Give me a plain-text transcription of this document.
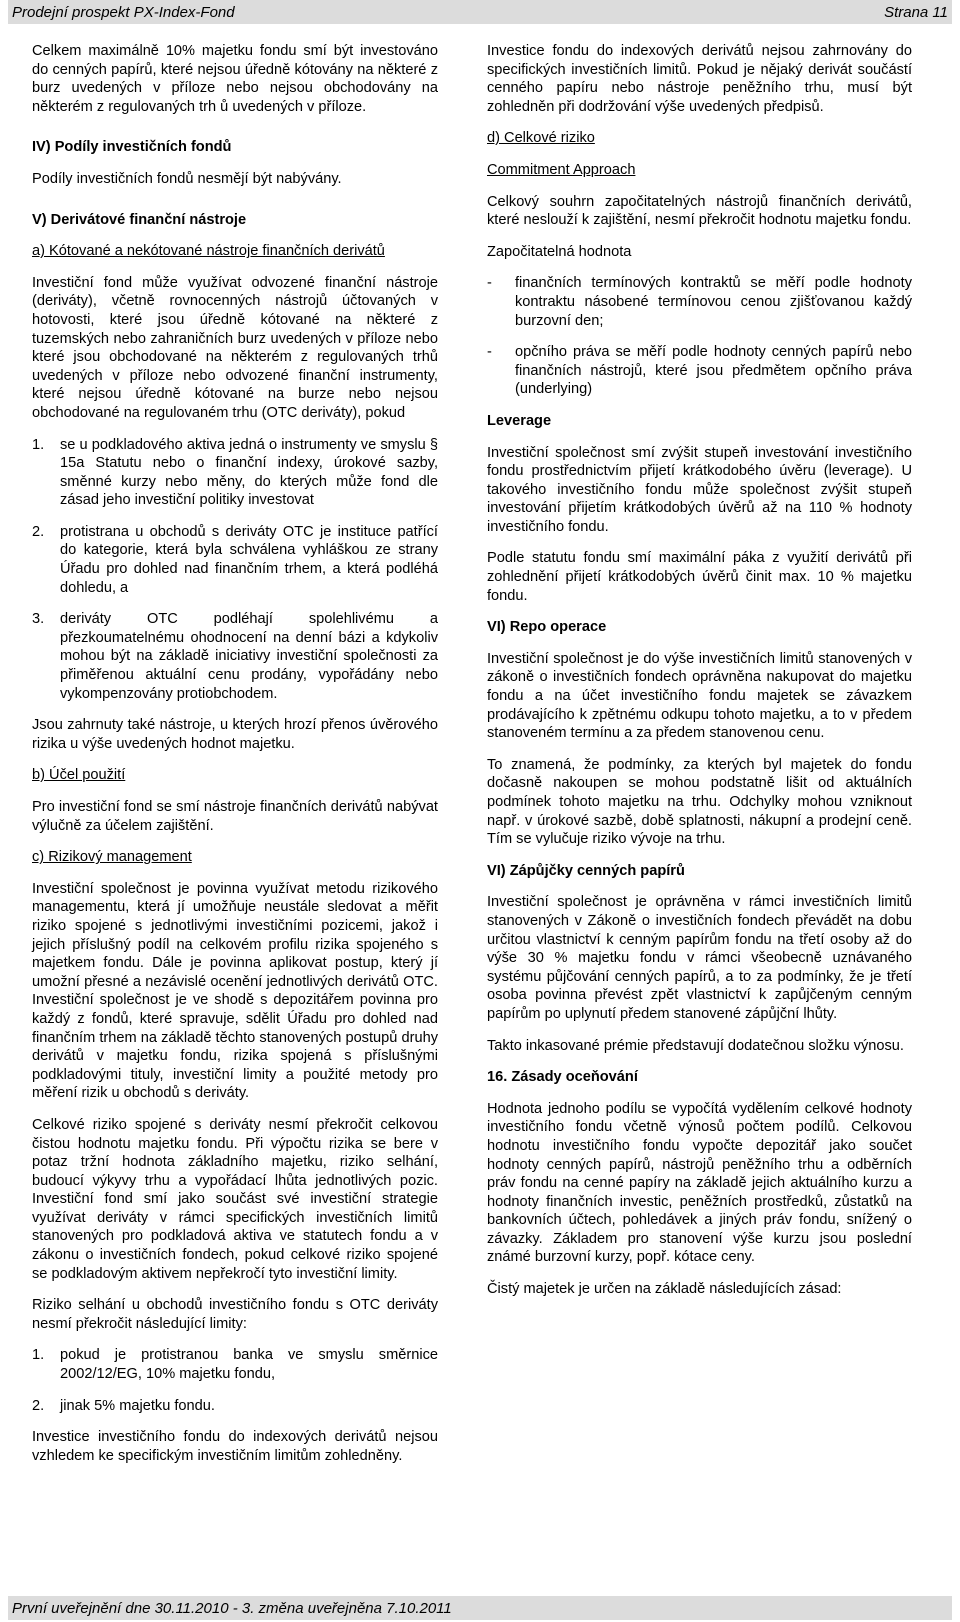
Prodejní prospekt PX-Index-Fond	Strana 11

Celkem maximálně 10% majetku fondu smí být investováno do cenných papírů, které nejsou úředně kótovány na některé z burz uvedených v příloze nebo nejsou obchodovány na některém z regulovaných trh ů uvedených v příloze.

IV) Podíly investičních fondů

Podíly investičních fondů nesmějí být nabývány.

V) Derivátové finanční nástroje

a) Kótované a nekótované nástroje finančních derivátů

Investiční fond může využívat odvozené finanční nástroje (deriváty), včetně rovnocenných nástrojů účtovaných v hotovosti, které jsou úředně kótované na některé z tuzemských nebo zahraničních burz uvedených v příloze nebo které jsou obchodované na některém z regulovaných trhů uvedených v příloze nebo odvozené finanční instrumenty, které nejsou úředně kótované na burze nebo nejsou obchodované na regulovaném trhu (OTC deriváty), pokud

1.	se u podkladového aktiva jedná o instrumenty ve smyslu § 15a Statutu nebo o finanční indexy, úrokové sazby, směnné kurzy nebo měny, do kterých může fond dle zásad jeho investiční politiky investovat
2.	protistrana u obchodů s deriváty OTC je instituce patřící do kategorie, která byla schválena vyhláškou ze strany Úřadu pro dohled nad finančním trhem, a která podléhá dohledu, a
3.	deriváty OTC podléhají spolehlivému a přezkoumatelnému ohodnocení na denní bázi a kdykoliv mohou být na základě iniciativy investiční společnosti za přiměřenou aktuální cenu prodány, vypořádány nebo vykompenzovány protiobchodem.

Jsou zahrnuty také nástroje, u kterých hrozí přenos úvěrového rizika u výše uvedených hodnot majetku.

b) Účel použití

Pro investiční fond se smí nástroje finančních derivátů nabývat výlučně za účelem zajištění.

c) Rizikový management

Investiční společnost je povinna využívat metodu rizikového managementu, která jí umožňuje neustále sledovat a měřit riziko spojené s jednotlivými investičními pozicemi, jakož i jejich příslušný podíl na celkovém profilu rizika spojeného s majetkem fondu. Dále je povinna aplikovat postup, který jí umožní přesné a nezávislé ocenění jednotlivých derivátů OTC. Investiční společnost je ve shodě s depozitářem povinna pro každý z fondů, které spravuje, sdělit Úřadu pro dohled nad finančním trhem na základě těchto stanovených postupů druhy derivátů v majetku fondu, rizika spojená s příslušnými podkladovými tituly, investiční limity a použité metody pro měření rizik u obchodů s deriváty.

Celkové riziko spojené s deriváty nesmí překročit celkovou čistou hodnotu majetku fondu. Při výpočtu rizika se bere v potaz tržní hodnota základního majetku, riziko selhání, budoucí výkyvy trhu a vypořádací lhůta jednotlivých pozic. Investiční fond smí jako součást své investiční strategie využívat deriváty v rámci specifických investičních limitů stanovených pro podkladová aktiva ve statutech fondu a v zákonu o investičních fondech, pokud celkové riziko spojené se podkladovým aktivem nepřekročí tyto investiční limity.

Riziko selhání u obchodů investičního fondu s OTC deriváty nesmí překročit následující limity:

1.	pokud je protistranou banka ve smyslu směrnice 2002/12/EG, 10% majetku fondu,
2.	jinak 5% majetku fondu.

Investice investičního fondu do indexových derivátů nejsou vzhledem ke specifickým investičním limitům zohledněny.

Investice fondu do indexových derivátů nejsou zahrnovány do specifických investičních limitů. Pokud je nějaký derivát součástí cenného papíru nebo nástroje peněžního trhu, musí být zohledněn při dodržování výše uvedených předpisů.

d) Celkové riziko

Commitment Approach

Celkový souhrn započitatelných nástrojů finančních derivátů, které neslouží k zajištění, nesmí překročit hodnotu majetku fondu.

Započitatelná hodnota

-	finančních termínových kontraktů se měří podle hodnoty kontraktu násobené termínovou cenou zjišťovanou každý burzovní den;
-	opčního práva se měří podle hodnoty cenných papírů nebo finančních nástrojů, které jsou předmětem opčního práva (underlying)
Leverage

Investiční společnost smí zvýšit stupeň investování investičního fondu prostřednictvím přijetí krátkodobého úvěru (leverage). U takového investičního fondu může společnost zvýšit stupeň investování přijetím krátkodobých úvěrů až na 110 % hodnoty investičního fondu.

Podle statutu fondu smí maximální páka z využití derivátů při zohlednění přijetí krátkodobých úvěrů činit max. 10 % majetku fondu.

VI) Repo operace

Investiční společnost je do výše investičních limitů stanovených v zákoně o investičních fondech oprávněna nakupovat do majetku fondu a na účet investičního fondu majetek se závazkem prodávajícího k zpětnému odkupu tohoto majetku, a to v předem stanoveném termínu a za předem stanovenou cenu.

To znamená, že podmínky, za kterých byl majetek do fondu dočasně nakoupen se mohou podstatně lišit od aktuálních podmínek tohoto majetku na trhu. Odchylky mohou vzniknout např. v úrokové sazbě, době splatnosti, nákupní a prodejní ceně. Tím se vylučuje riziko vývoje na trhu.

VI) Zápůjčky cenných papírů

Investiční společnost je oprávněna v rámci investičních limitů stanovených v Zákoně o investičních fondech převádět na dobu určitou vlastnictví k cenným papírům fondu na třetí osoby až do výše 30 % majetku fondu v rámci všeobecně uznávaného systému půjčování cenných papírů, a to za podmínky, že je třetí osoba povinna převést zpět vlastnictví k zapůjčeným cenným papírům po uplynutí předem stanovené zápůjční lhůty.

Takto inkasované prémie představují dodatečnou složku výnosu.

16. Zásady oceňování

Hodnota jednoho podílu se vypočítá vydělením celkové hodnoty investičního fondu včetně výnosů počtem podílů. Celkovou hodnotu investičního fondu vypočte depozitář jako součet hodnoty cenných papírů, nástrojů peněžního trhu a odběrních práv fondu na cenné papíry na základě jejich aktuálního kurzu a hodnoty finančních investic, peněžních prostředků, zůstatků na bankovních účtech, pohledávek a jiných práv fondu, snížený o závazky. Základem pro stanovení výše kurzu jsou poslední známé burzovní kurzy, popř. kótace ceny.

Čistý majetek je určen na základě následujících zásad:

První uveřejnění dne 30.11.2010 - 3. změna uveřejněna 7.10.2011
